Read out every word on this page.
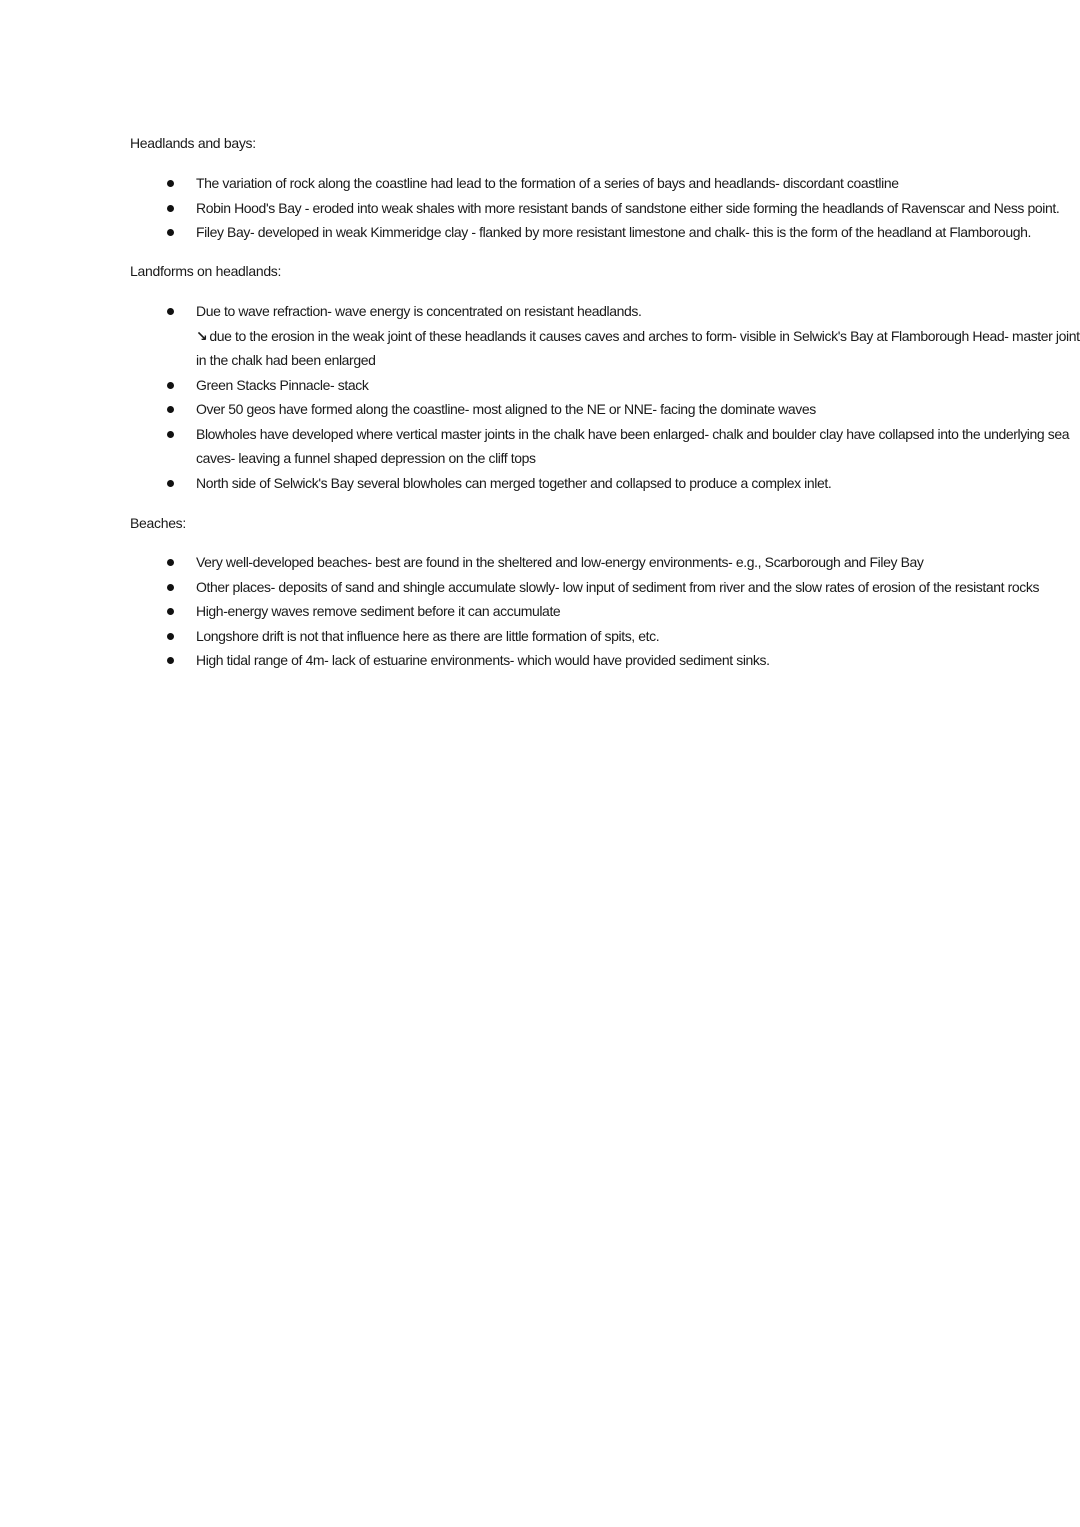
Headlands and bays:
The variation of rock along the coastline had lead to the formation of a series of bays and headlands- discordant coastline
Robin Hood's Bay - eroded into weak shales with more resistant bands of sandstone either side forming the headlands of Ravenscar and Ness point.
Filey Bay- developed in weak Kimmeridge clay - flanked by more resistant limestone and chalk- this is the form of the headland at Flamborough.
Landforms on headlands:
Due to wave refraction- wave energy is concentrated on resistant headlands.
↘ due to the erosion in the weak joint of these headlands it causes caves and arches to form- visible in Selwick's Bay at Flamborough Head- master joint
in the chalk had been enlarged
Green Stacks Pinnacle- stack
Over 50 geos have formed along the coastline- most aligned to the NE or NNE- facing the dominate waves
Blowholes have developed where vertical master joints in the chalk have been enlarged- chalk and boulder clay have collapsed into the underlying sea
caves- leaving a funnel shaped depression on the cliff tops
North side of Selwick's Bay several blowholes can merged together and collapsed to produce a complex inlet.
Beaches:
Very well-developed beaches- best are found in the sheltered and low-energy environments- e.g., Scarborough and Filey Bay
Other places- deposits of sand and shingle accumulate slowly- low input of sediment from river and the slow rates of erosion of the resistant rocks
High-energy waves remove sediment before it can accumulate
Longshore drift is not that influence here as there are little formation of spits, etc.
High tidal range of 4m- lack of estuarine environments- which would have provided sediment sinks.
